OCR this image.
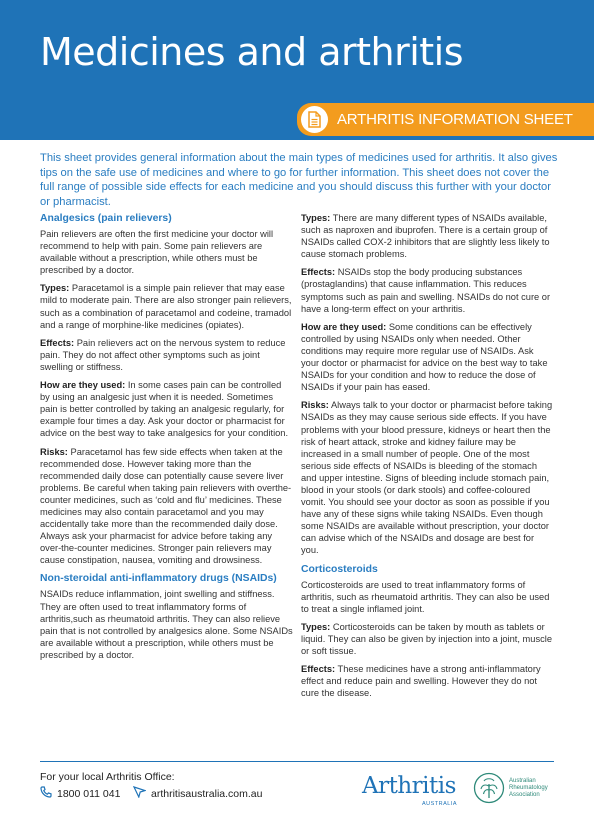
Medicines and arthritis
ARTHRITIS INFORMATION SHEET

This sheet provides general information about the main types of medicines used for arthritis. It also gives tips on the safe use of medicines and where to go for further information. This sheet does not cover the full range of possible side effects for each medicine and you should discuss this further with your doctor or pharmacist.

Analgesics (pain relievers)

Pain relievers are often the first medicine your doctor will recommend to help with pain. Some pain relievers are available without a prescription, while others must be prescribed by a doctor.

Types: Paracetamol is a simple pain reliever that may ease mild to moderate pain. There are also stronger pain relievers, such as a combination of paracetamol and codeine, tramadol and a range of morphine-like medicines (opiates).

Effects: Pain relievers act on the nervous system to reduce pain. They do not affect other symptoms such as joint swelling or stiffness.

How are they used: In some cases pain can be controlled by using an analgesic just when it is needed. Sometimes pain is better controlled by taking an analgesic regularly, for example four times a day. Ask your doctor or pharmacist for advice on the best way to take analgesics for your condition.

Risks: Paracetamol has few side effects when taken at the recommended dose. However taking more than the recommended daily dose can potentially cause severe liver problems. Be careful when taking pain relievers with overthe-counter medicines, such as ‘cold and flu’ medicines. These medicines may also contain paracetamol and you may accidentally take more than the recommended daily dose. Always ask your pharmacist for advice before taking any over-the-counter medicines. Stronger pain relievers may cause constipation, nausea, vomiting and drowsiness.

Non-steroidal anti-inflammatory drugs (NSAIDs)

NSAIDs reduce inflammation, joint swelling and stiffness. They are often used to treat inflammatory forms of arthritis,such as rheumatoid arthritis. They can also relieve pain that is not controlled by analgesics alone. Some NSAIDs are available without a prescription, while others must be prescribed by a doctor.

Types: There are many different types of NSAIDs available, such as naproxen and ibuprofen. There is a certain group of NSAIDs called COX-2 inhibitors that are slightly less likely to cause stomach problems.

Effects: NSAIDs stop the body producing substances (prostaglandins) that cause inflammation. This reduces symptoms such as pain and swelling. NSAIDs do not cure or have a long-term effect on your arthritis.

How are they used: Some conditions can be effectively controlled by using NSAIDs only when needed. Other conditions may require more regular use of NSAIDs. Ask your doctor or pharmacist for advice on the best way to take NSAIDs for your condition and how to reduce the dose of NSAIDs if your pain has eased.

Risks: Always talk to your doctor or pharmacist before taking NSAIDs as they may cause serious side effects. If you have problems with your blood pressure, kidneys or heart then the risk of heart attack, stroke and kidney failure may be increased in a small number of people. One of the most serious side effects of NSAIDs is bleeding of the stomach and upper intestine. Signs of bleeding include stomach pain, blood in your stools (or dark stools) and coffee-coloured vomit. You should see your doctor as soon as possible if you have any of these signs while taking NSAIDs. Even though some NSAIDs are available without prescription, your doctor can advise which of the NSAIDs and dosage are best for you.

Corticosteroids

Corticosteroids are used to treat inflammatory forms of arthritis, such as rheumatoid arthritis. They can also be used to treat a single inflamed joint.

Types: Corticosteroids can be taken by mouth as tablets or liquid. They can also be given by injection into a joint, muscle or soft tissue.

Effects: These medicines have a strong anti-inflammatory effect and reduce pain and swelling. However they do not cure the disease.

For your local Arthritis Office:
1800 011 041	arthritisaustralia.com.au	Arthritis
AUSTRALIA
Australian
Rheumatology
Association
